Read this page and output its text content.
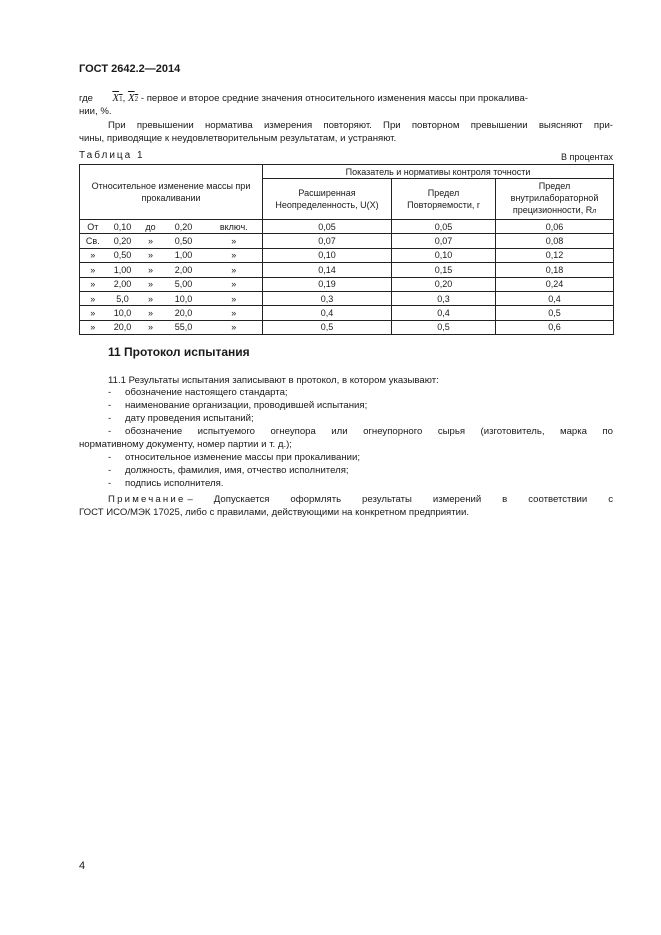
ГОСТ 2642.2—2014
где X1, X2 - первое и второе средние значения относительного изменения массы при прокалива-
нии, %.
При превышении норматива измерения повторяют. При повторном превышении выясняют при-
чины, приводящие к неудовлетворительным результатам, и устраняют.
Таблица 1	В процентах
Относительное изменение массы при прокаливании					Показатель и нормативы контроля точности		
					Расширенная Неопределенность, U(X)	Предел Повторяемости, r	Предел внутрилабораторной
прецизионности, Rл
От	0,10	до	0,20	включ.	0,05	0,05	0,06
Св.	0,20	»	0,50	»	0,07	0,07	0,08
»	0,50	»	1,00	»	0,10	0,10	0,12
»	1,00	»	2,00	»	0,14	0,15	0,18
»	2,00	»	5,00	»	0,19	0,20	0,24
»	5,0	»	10,0	»	0,3	0,3	0,4
»	10,0	»	20,0	»	0,4	0,4	0,5
»	20,0	»	55,0	»	0,5	0,5	0,6
11 Протокол испытания
11.1 Результаты испытания записывают в протокол, в котором указывают:
- обозначение настоящего стандарта;
- наименование организации, проводившей испытания;
- дату проведения испытаний;
- обозначение испытуемого огнеупора или огнеупорного сырья (изготовитель, марка по
нормативному документу, номер партии и т. д.);
- относительное изменение массы при прокаливании;
- должность, фамилия, имя, отчество исполнителя;
- подпись исполнителя.
Примечание – Допускается оформлять результаты измерений в соответствии с
ГОСТ ИСО/МЭК 17025, либо с правилами, действующими на конкретном предприятии.
4
